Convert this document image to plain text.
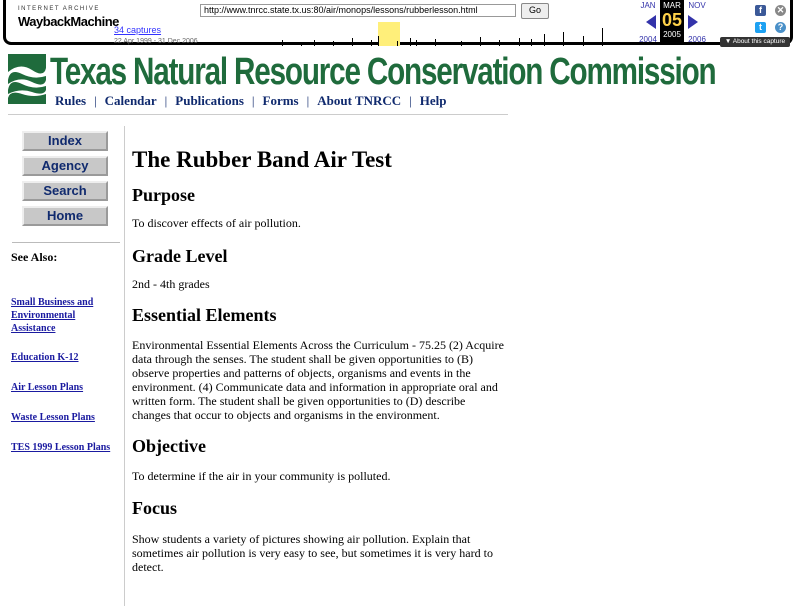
INTERNET ARCHIVE
WaybackMachine
http://www.tnrcc.state.tx.us:80/air/monops/lessons/rubberlesson.html	Go
34 captures
22 Apr 1999 - 31 Dec 2006
JAN	NOV
2004	2006
MAR
05
2005
f	✕
t	?
▼ About this capture
Texas Natural Resource Conservation Commission
Rules | Calendar | Publications | Forms | About TNRCC | Help
Index
Agency
Search
Home
See Also:
Small Business and Environmental Assistance
Education K-12
Air Lesson Plans
Waste Lesson Plans
TES 1999 Lesson Plans
The Rubber Band Air Test
Purpose

To discover effects of air pollution.

Grade Level

2nd - 4th grades

Essential Elements

Environmental Essential Elements Across the Curriculum - 75.25 (2) Acquire data through the senses. The student shall be given opportunities to (B) observe properties and patterns of objects, organisms and events in the environment. (4) Communicate data and information in appropriate oral and written form. The student shall be given opportunities to (D) describe changes that occur to objects and organisms in the environment.

Objective

To determine if the air in your community is polluted.

Focus

Show students a variety of pictures showing air pollution. Explain that sometimes air pollution is very easy to see, but sometimes it is very hard to detect.
